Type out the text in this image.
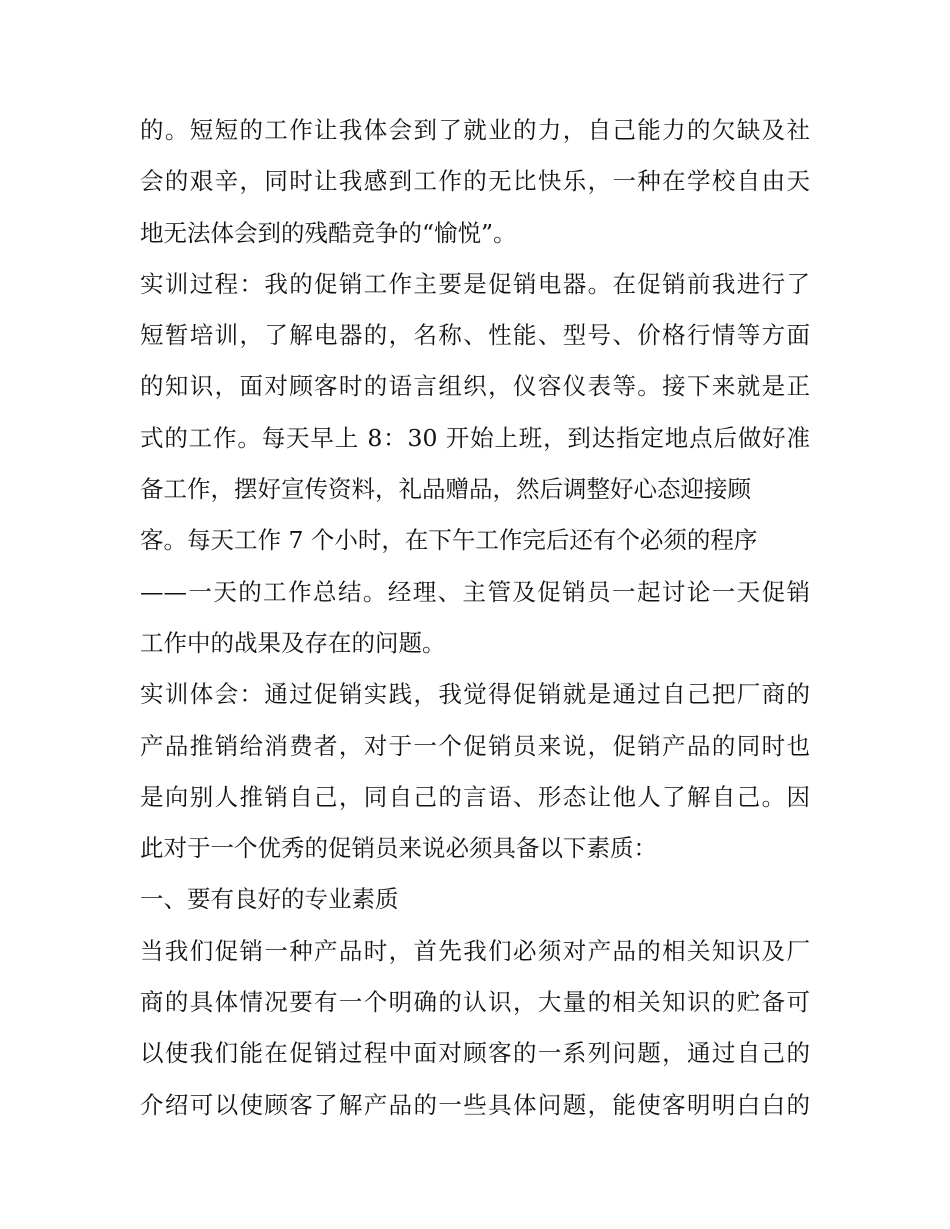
的。短短的工作让我体会到了就业的力，自己能力的欠缺及社
会的艰辛，同时让我感到工作的无比快乐，一种在学校自由天
地无法体会到的残酷竞争的“愉悦”。
实训过程：我的促销工作主要是促销电器。在促销前我进行了
短暂培训，了解电器的，名称、性能、型号、价格行情等方面
的知识，面对顾客时的语言组织，仪容仪表等。接下来就是正
式的工作。每天早上 8：30 开始上班，到达指定地点后做好准
备工作，摆好宣传资料，礼品赠品，然后调整好心态迎接顾
客。每天工作 7 个小时，在下午工作完后还有个必须的程序
——一天的工作总结。经理、主管及促销员一起讨论一天促销
工作中的战果及存在的问题。
实训体会：通过促销实践，我觉得促销就是通过自己把厂商的
产品推销给消费者，对于一个促销员来说，促销产品的同时也
是向别人推销自己，同自己的言语、形态让他人了解自己。因
此对于一个优秀的促销员来说必须具备以下素质：
一、要有良好的专业素质
当我们促销一种产品时，首先我们必须对产品的相关知识及厂
商的具体情况要有一个明确的认识，大量的相关知识的贮备可
以使我们能在促销过程中面对顾客的一系列问题，通过自己的
介绍可以使顾客了解产品的一些具体问题，能使客明明白白的
